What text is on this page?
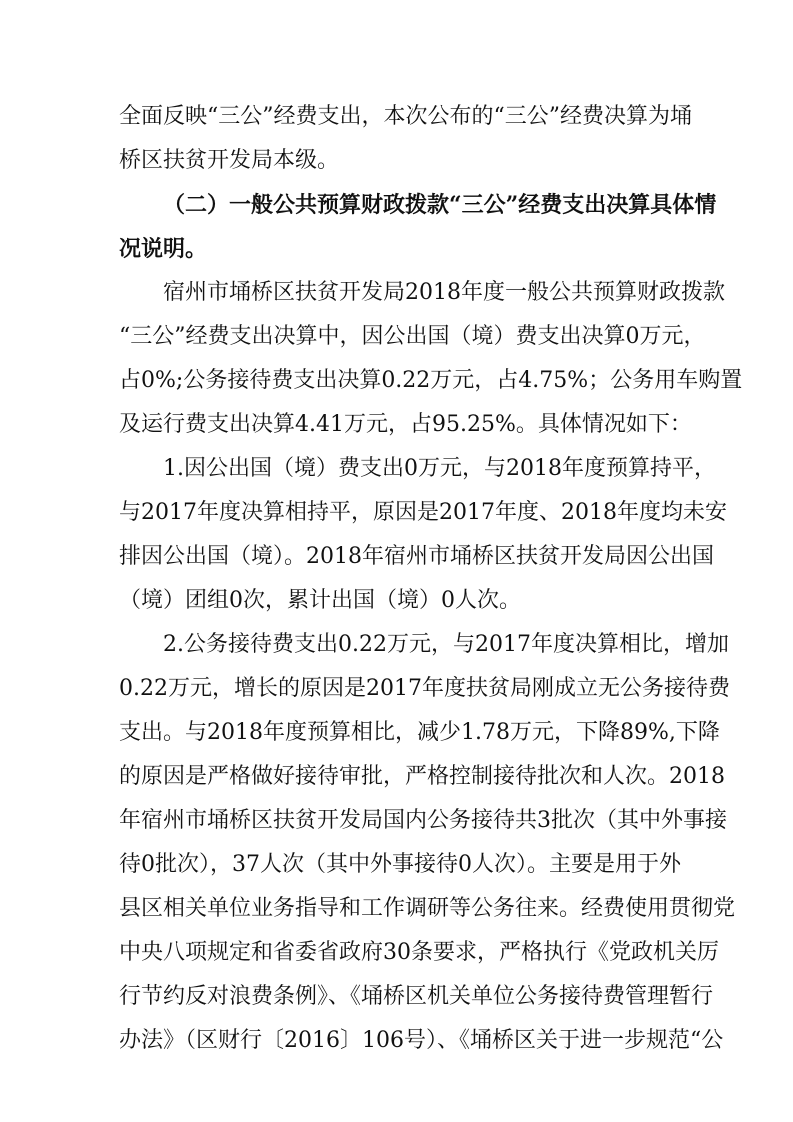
全面反映“三公”经费支出，本次公布的“三公”经费决算为埇
桥区扶贫开发局本级。
（二）一般公共预算财政拨款“三公”经费支出决算具体情
况说明。
宿州市埇桥区扶贫开发局2018年度一般公共预算财政拨款
“三公”经费支出决算中，因公出国（境）费支出决算0万元，
占0%;公务接待费支出决算0.22万元，占4.75%；公务用车购置
及运行费支出决算4.41万元，占95.25%。具体情况如下：
1.因公出国（境）费支出0万元，与2018年度预算持平，
与2017年度决算相持平，原因是2017年度、2018年度均未安
排因公出国（境）。2018年宿州市埇桥区扶贫开发局因公出国
（境）团组0次，累计出国（境）0人次。
2.公务接待费支出0.22万元，与2017年度决算相比，增加
0.22万元，增长的原因是2017年度扶贫局刚成立无公务接待费
支出。与2018年度预算相比，减少1.78万元，下降89%,下降
的原因是严格做好接待审批，严格控制接待批次和人次。2018
年宿州市埇桥区扶贫开发局国内公务接待共3批次（其中外事接
待0批次），37人次（其中外事接待0人次）。主要是用于外
县区相关单位业务指导和工作调研等公务往来。经费使用贯彻党
中央八项规定和省委省政府30条要求，严格执行《党政机关厉
行节约反对浪费条例》、《埇桥区机关单位公务接待费管理暂行
办法》（区财行〔2016〕106号）、《埇桥区关于进一步规范“公
